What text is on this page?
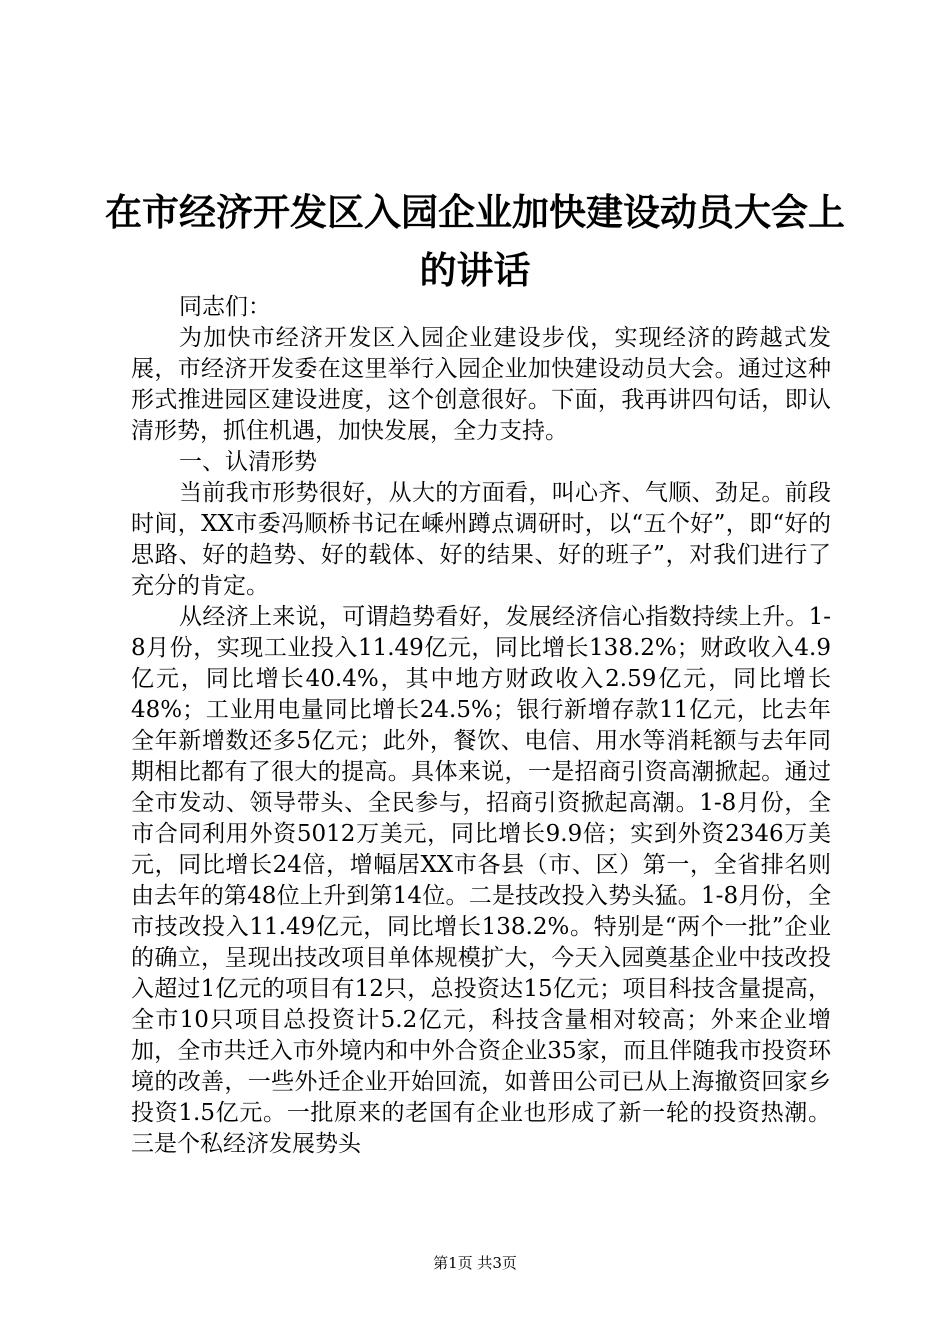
在市经济开发区入园企业加快建设动员大会上
的讲话

同志们：

为加快市经济开发区入园企业建设步伐，实现经济的跨越式发展，市经济开发委在这里举行入园企业加快建设动员大会。通过这种形式推进园区建设进度，这个创意很好。下面，我再讲四句话，即认清形势，抓住机遇，加快发展，全力支持。

一、认清形势

当前我市形势很好，从大的方面看，叫心齐、气顺、劲足。前段时间，XX市委冯顺桥书记在嵊州蹲点调研时，以“五个好”，即“好的思路、好的趋势、好的载体、好的结果、好的班子”，对我们进行了充分的肯定。

从经济上来说，可谓趋势看好，发展经济信心指数持续上升。1-8月份，实现工业投入11.49亿元，同比增长138.2%；财政收入4.9亿元，同比增长40.4%，其中地方财政收入2.59亿元，同比增长48%；工业用电量同比增长24.5%；银行新增存款11亿元，比去年全年新增数还多5亿元；此外，餐饮、电信、用水等消耗额与去年同期相比都有了很大的提高。具体来说，一是招商引资高潮掀起。通过全市发动、领导带头、全民参与，招商引资掀起高潮。1-8月份，全市合同利用外资5012万美元，同比增长9.9倍；实到外资2346万美元，同比增长24倍，增幅居XX市各县（市、区）第一，全省排名则由去年的第48位上升到第14位。二是技改投入势头猛。1-8月份，全市技改投入11.49亿元，同比增长138.2%。特别是“两个一批”企业的确立，呈现出技改项目单体规模扩大，今天入园奠基企业中技改投入超过1亿元的项目有12只，总投资达15亿元；项目科技含量提高，全市10只项目总投资计5.2亿元，科技含量相对较高；外来企业增加，全市共迁入市外境内和中外合资企业35家，而且伴随我市投资环境的改善，一些外迁企业开始回流，如普田公司已从上海撤资回家乡投资1.5亿元。一批原来的老国有企业也形成了新一轮的投资热潮。三是个私经济发展势头

第1页 共3页
